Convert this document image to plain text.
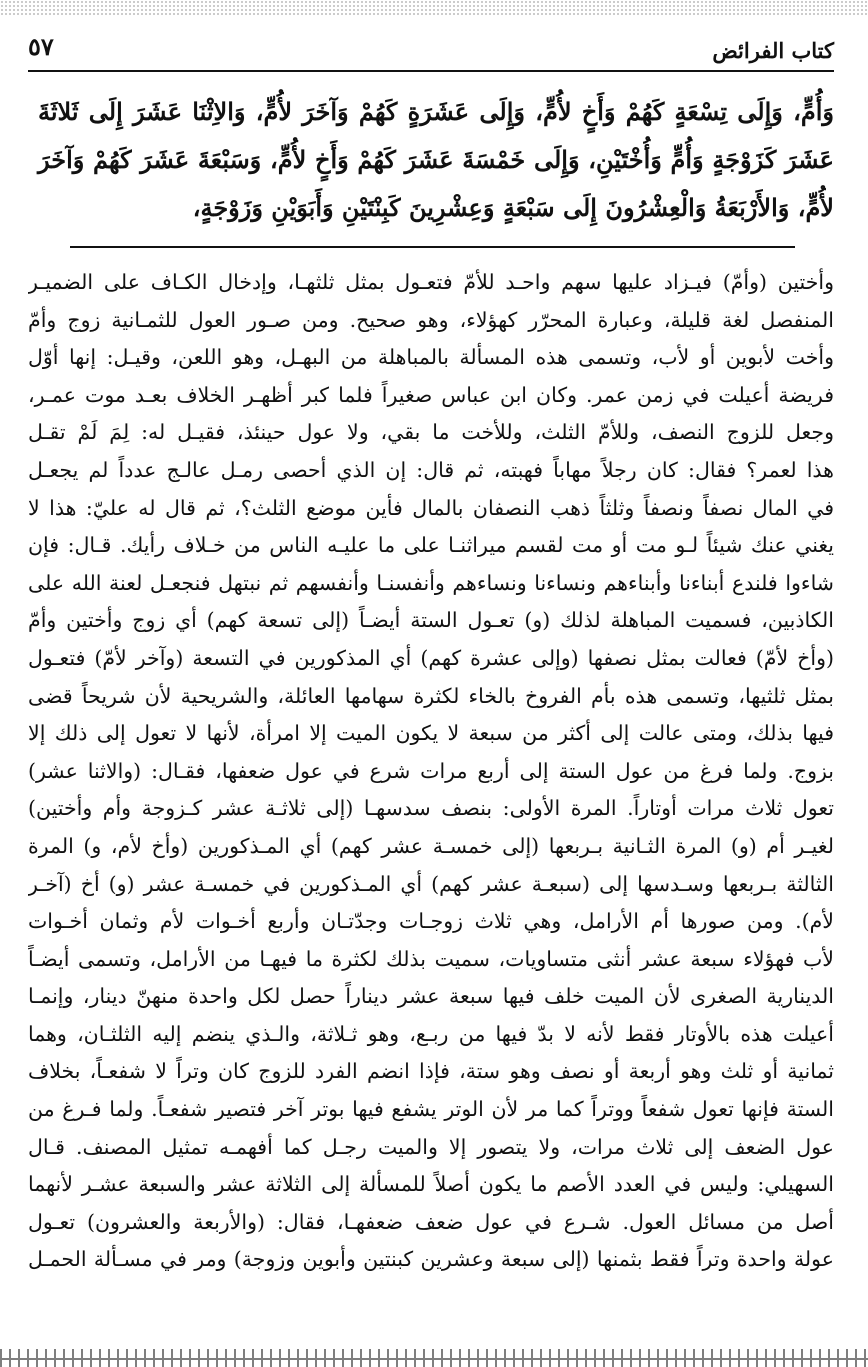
كتاب الفرائض
٥٧
وَأُمٍّ، وَإِلَى تِسْعَةٍ كَهُمْ وَأَخٍ لأُمٍّ، وَإِلَى عَشَرَةٍ كَهُمْ وَآخَرَ لأُمٍّ، وَالاِثْنَا عَشَرَ إِلَى ثَلاثَةَ عَشَرَ كَزَوْجَةٍ وَأُمٍّ وَأُخْتَيْنِ، وَإِلَى خَمْسَةَ عَشَرَ كَهُمْ وَأَخٍ لأُمٍّ، وَسَبْعَةَ عَشَرَ كَهُمْ وَآخَرَ لأُمٍّ، وَالأَرْبَعَةُ وَالْعِشْرُونَ إِلَى سَبْعَةٍ وَعِشْرِينَ كَبِنْتَيْنِ وَأَبَوَيْنِ وَزَوْجَةٍ،
وأختين (وأمّ) فيـزاد عليها سهم واحـد للأمّ فتعـول بمثل ثلثهـا، وإدخال الكـاف على الضميـر
المنفصل لغة قليلة، وعبارة المحرّر كهؤلاء، وهو صحيح. ومن صـور العول للثمـانية زوج وأمّ
وأخت لأبوين أو لأب، وتسمى هذه المسألة بالمباهلة من البهـل، وهو اللعن، وقيـل: إنها أوّل
فريضة أعيلت في زمن عمر. وكان ابن عباس صغيراً فلما كبر أظهـر الخلاف بعـد موت عمـر،
وجعل للزوج النصف، وللأمّ الثلث، وللأخت ما بقي، ولا عول حينئذ، فقيـل له: لِمَ لَمْ تقـل
هذا لعمر؟ فقال: كان رجلاً مهاباً فهبته، ثم قال: إن الذي أحصى رمـل عالـج عدداً لم يجعـل
في المال نصفاً ونصفاً وثلثاً ذهب النصفان بالمال فأين موضع الثلث؟، ثم قال له عليّ: هذا لا
يغني عنك شيئاً لـو مت أو مت لقسم ميراثنـا على ما عليـه الناس من خـلاف رأيك. قـال: فإن
شاءوا فلندع أبناءنا وأبناءهم ونساءنا ونساءهم وأنفسنـا وأنفسهم ثم نبتهل فنجعـل لعنة الله على
الكاذبين، فسميت المباهلة لذلك (و) تعـول الستة أيضـاً (إلى تسعة كهم) أي زوج وأختين وأمّ
(وأخ لأمّ) فعالت بمثل نصفها (وإلى عشرة كهم) أي المذكورين في التسعة (وآخر لأمّ) فتعـول
بمثل ثلثيها، وتسمى هذه بأم الفروخ بالخاء لكثرة سهامها العائلة، والشريحية لأن شريحاً قضى
فيها بذلك، ومتى عالت إلى أكثر من سبعة لا يكون الميت إلا امرأة، لأنها لا تعول إلى ذلك إلا
بزوج. ولما فرغ من عول الستة إلى أربع مرات شرع في عول ضعفها، فقـال: (والاثنا عشر)
تعول ثلاث مرات أوتاراً. المرة الأولى: بنصف سدسهـا (إلى ثلاثـة عشر كـزوجة وأم وأختين)
لغيـر أم (و) المرة الثـانية بـربعها (إلى خمسـة عشر كهم) أي المـذكورين (وأخ لأم، و) المرة
الثالثة بـربعها وسـدسها إلى (سبعـة عشر كهم) أي المـذكورين في خمسـة عشر (و) أخ (آخـر
لأم). ومن صورها أم الأرامل، وهي ثلاث زوجـات وجدّتـان وأربع أخـوات لأم وثمان أخـوات
لأب فهؤلاء سبعة عشر أنثى متساويات، سميت بذلك لكثرة ما فيهـا من الأرامل، وتسمى أيضـاً
الدينارية الصغرى لأن الميت خلف فيها سبعة عشر ديناراً حصل لكل واحدة منهنّ دينار، وإنمـا
أعيلت هذه بالأوتار فقط لأنه لا بدّ فيها من ربـع، وهو ثـلاثة، والـذي ينضم إليه الثلثـان، وهما
ثمانية أو ثلث وهو أربعة أو نصف وهو ستة، فإذا انضم الفرد للزوج كان وتراً لا شفعـاً، بخلاف
الستة فإنها تعول شفعاً ووتراً كما مر لأن الوتر يشفع فيها بوتر آخر فتصير شفعـاً. ولما فـرغ من
عول الضعف إلى ثلاث مرات، ولا يتصور إلا والميت رجـل كما أفهمـه تمثيل المصنف. قـال
السهيلي: وليس في العدد الأصم ما يكون أصلاً للمسألة إلى الثلاثة عشر والسبعة عشـر لأنهما
أصل من مسائل العول. شـرع في عول ضعف ضعفهـا، فقال: (والأربعة والعشرون) تعـول
عولة واحدة وتراً فقط بثمنها (إلى سبعة وعشرين كبنتين وأبوين وزوجة) ومر في مسـألة الحمـل
